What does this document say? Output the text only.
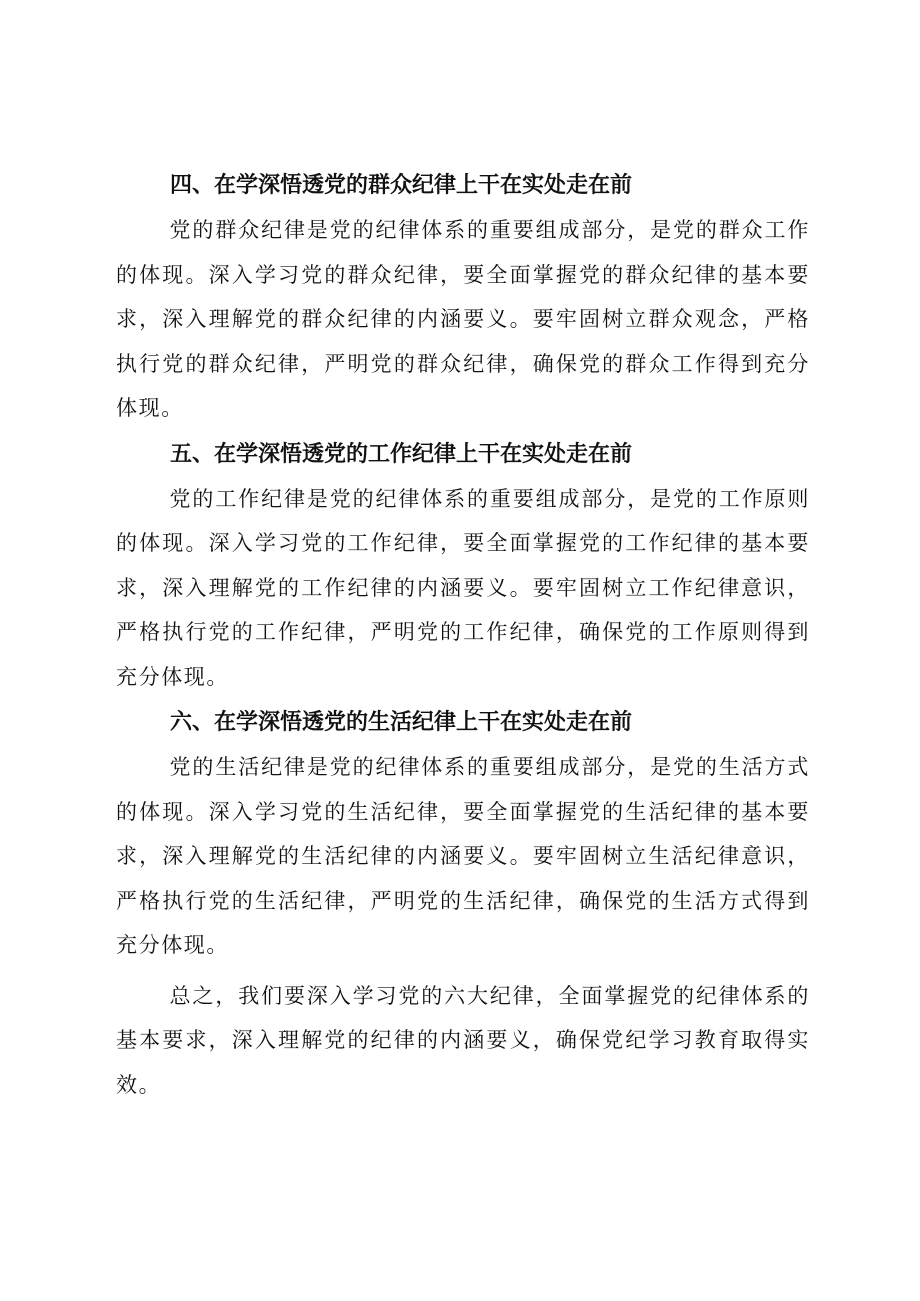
四、在学深悟透党的群众纪律上干在实处走在前

党的群众纪律是党的纪律体系的重要组成部分，是党的群众工作的体现。深入学习党的群众纪律，要全面掌握党的群众纪律的基本要求，深入理解党的群众纪律的内涵要义。要牢固树立群众观念，严格执行党的群众纪律，严明党的群众纪律，确保党的群众工作得到充分体现。

五、在学深悟透党的工作纪律上干在实处走在前

党的工作纪律是党的纪律体系的重要组成部分，是党的工作原则的体现。深入学习党的工作纪律，要全面掌握党的工作纪律的基本要求，深入理解党的工作纪律的内涵要义。要牢固树立工作纪律意识，严格执行党的工作纪律，严明党的工作纪律，确保党的工作原则得到充分体现。

六、在学深悟透党的生活纪律上干在实处走在前

党的生活纪律是党的纪律体系的重要组成部分，是党的生活方式的体现。深入学习党的生活纪律，要全面掌握党的生活纪律的基本要求，深入理解党的生活纪律的内涵要义。要牢固树立生活纪律意识，严格执行党的生活纪律，严明党的生活纪律，确保党的生活方式得到充分体现。

总之，我们要深入学习党的六大纪律，全面掌握党的纪律体系的基本要求，深入理解党的纪律的内涵要义，确保党纪学习教育取得实效。
